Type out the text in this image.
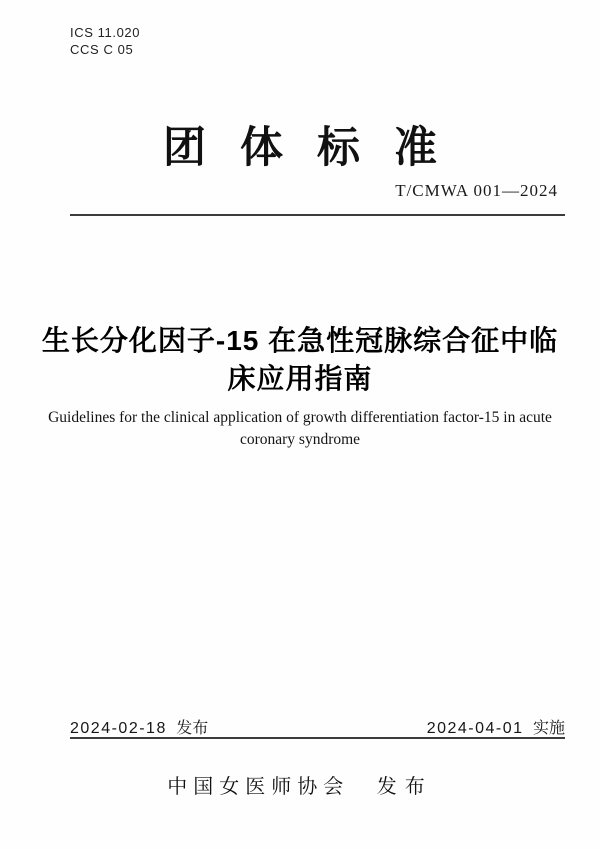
ICS 11.020
CCS C 05
团体标准
T/CMWA 001—2024
生长分化因子-15 在急性冠脉综合征中临
床应用指南
Guidelines for the clinical application of growth differentiation factor-15 in acute
coronary syndrome
2024-02-18 发布	2024-04-01 实施
中国女医师协会 发布
